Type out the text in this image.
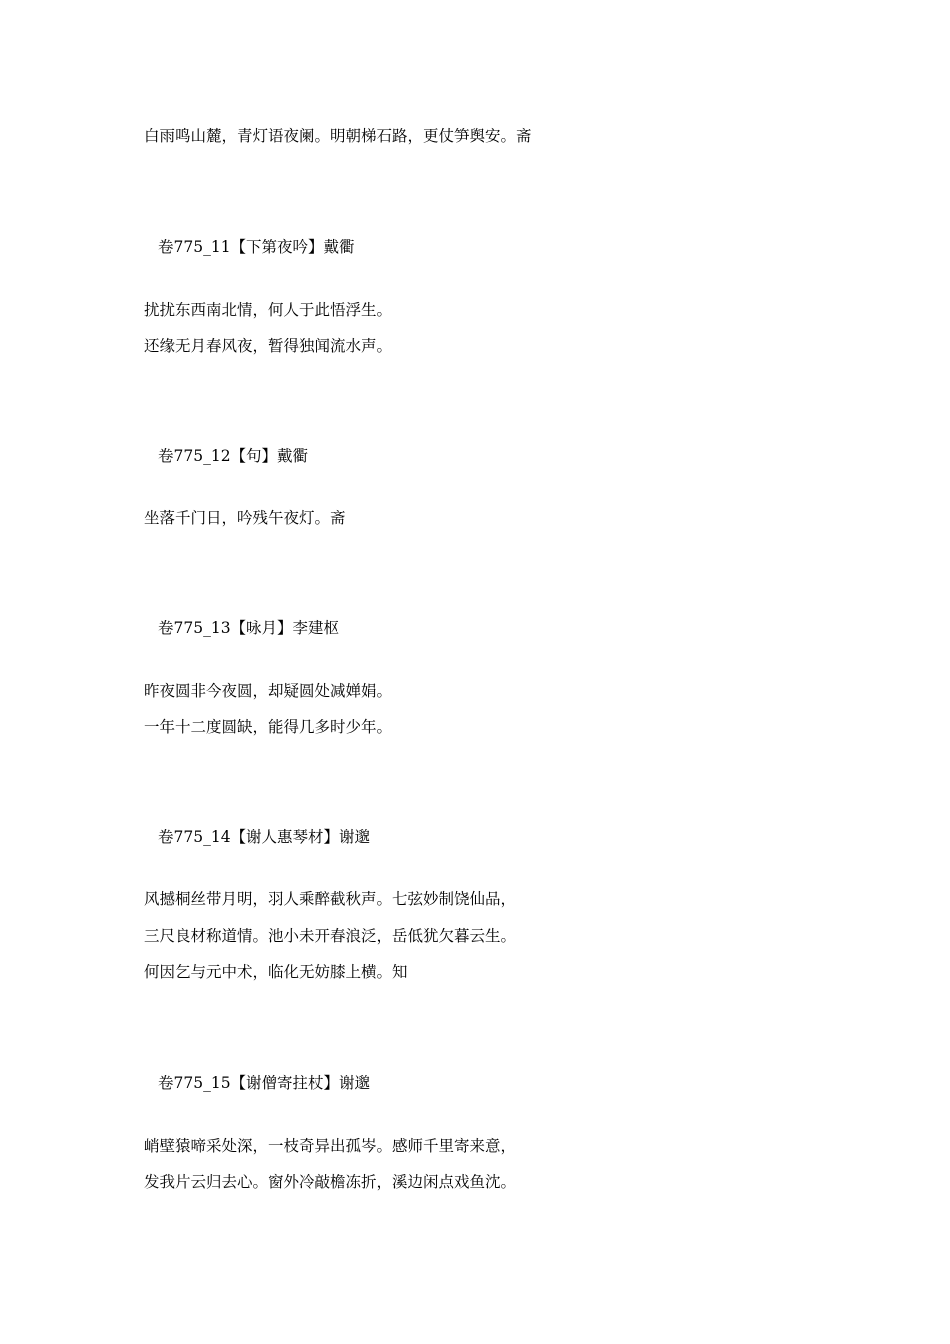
白雨鸣山麓，青灯语夜阑。明朝梯石路，更仗笋舆安。斋
卷775_11【下第夜吟】戴衢
扰扰东西南北情，何人于此悟浮生。
还缘无月春风夜，暂得独闻流水声。
卷775_12【句】戴衢
坐落千门日，吟残午夜灯。斋
卷775_13【咏月】李建枢
昨夜圆非今夜圆，却疑圆处减婵娟。
一年十二度圆缺，能得几多时少年。
卷775_14【谢人惠琴材】谢邈
风撼桐丝带月明，羽人乘醉截秋声。七弦妙制饶仙品，
三尺良材称道情。池小未开春浪泛，岳低犹欠暮云生。
何因乞与元中术，临化无妨膝上横。知
卷775_15【谢僧寄拄杖】谢邈
峭壁猿啼采处深，一枝奇异出孤岑。感师千里寄来意，
发我片云归去心。窗外冷敲檐冻折，溪边闲点戏鱼沈。
